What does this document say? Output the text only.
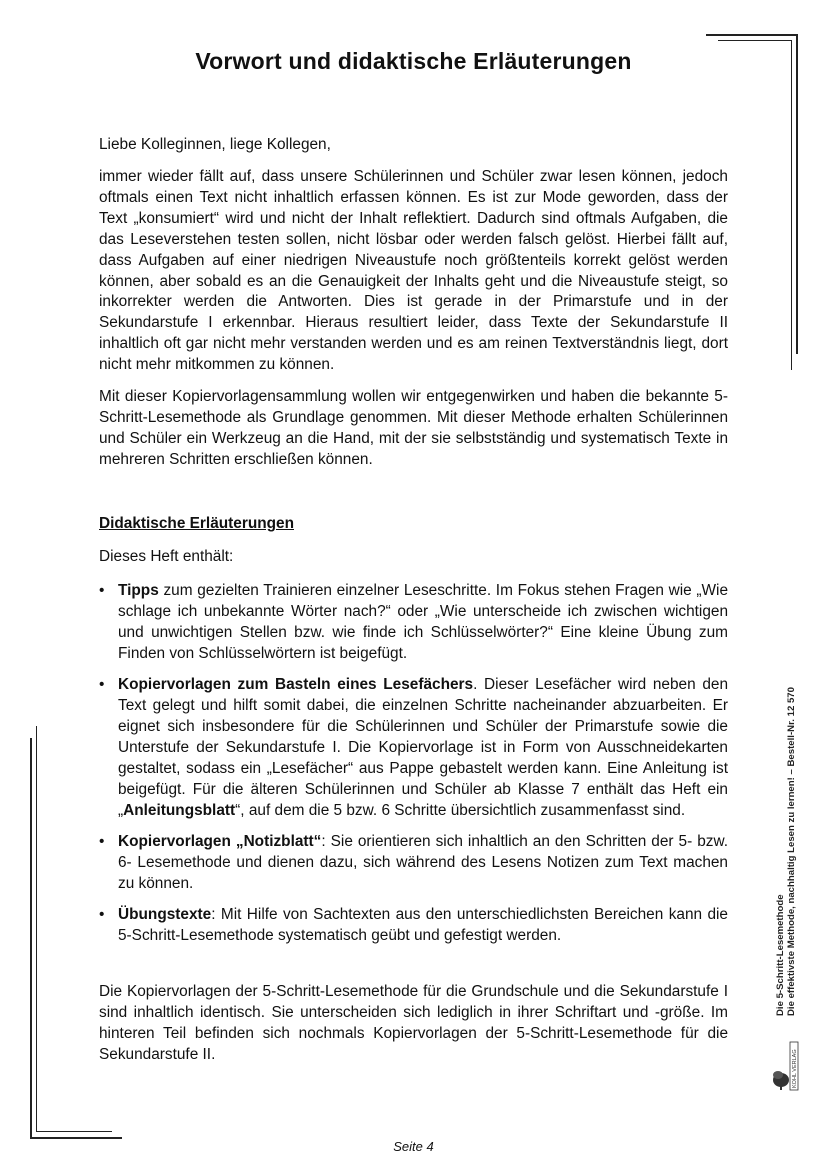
Vorwort und didaktische Erläuterungen

Liebe Kolleginnen, liege Kollegen,

immer wieder fällt auf, dass unsere Schülerinnen und Schüler zwar lesen können, jedoch oftmals einen Text nicht inhaltlich erfassen können. Es ist zur Mode geworden, dass der Text „konsumiert“ wird und nicht der Inhalt reflektiert. Dadurch sind oftmals Aufgaben, die das Leseverstehen testen sollen, nicht lösbar oder werden falsch gelöst. Hierbei fällt auf, dass Aufgaben auf einer niedrigen Niveaustufe noch größtenteils korrekt gelöst werden können, aber sobald es an die Genauigkeit der Inhalts geht und die Niveaustufe steigt, so inkorrekter werden die Antworten. Dies ist gerade in der Primarstufe und in der Sekundarstufe I erkennbar. Hieraus resultiert leider, dass Texte der Sekundarstufe II inhaltlich oft gar nicht mehr verstanden werden und es am reinen Textverständnis liegt, dort nicht mehr mitkommen zu können.

Mit dieser Kopiervorlagensammlung wollen wir entgegenwirken und haben die bekannte 5-Schritt-Lesemethode als Grundlage genommen. Mit dieser Methode erhalten Schülerinnen und Schüler ein Werkzeug an die Hand, mit der sie selbstständig und systematisch Texte in mehreren Schritten erschließen können.

Didaktische Erläuterungen
Dieses Heft enthält:
• Tipps zum gezielten Trainieren einzelner Leseschritte. Im Fokus stehen Fragen wie „Wie schlage ich unbekannte Wörter nach?“ oder „Wie unterscheide ich zwischen wichtigen und unwichtigen Stellen bzw. wie finde ich Schlüsselwörter?“ Eine kleine Übung zum Finden von Schlüsselwörtern ist beigefügt.
• Kopiervorlagen zum Basteln eines Lesefächers. Dieser Lesefächer wird neben den Text gelegt und hilft somit dabei, die einzelnen Schritte nacheinander abzuarbeiten. Er eignet sich insbesondere für die Schülerinnen und Schüler der Primarstufe sowie die Unterstufe der Sekundarstufe I. Die Kopiervorlage ist in Form von Ausschneidekarten gestaltet, sodass ein „Lesefächer“ aus Pappe gebastelt werden kann. Eine Anleitung ist beigefügt. Für die älteren Schülerinnen und Schüler ab Klasse 7 enthält das Heft ein „Anleitungsblatt“, auf dem die 5 bzw. 6 Schritte übersichtlich zusammenfasst sind.
• Kopiervorlagen „Notizblatt“: Sie orientieren sich inhaltlich an den Schritten der 5- bzw. 6- Lesemethode und dienen dazu, sich während des Lesens Notizen zum Text machen zu können.
• Übungstexte: Mit Hilfe von Sachtexten aus den unterschiedlichsten Bereichen kann die 5-Schritt-Lesemethode systematisch geübt und gefestigt werden.
Die Kopiervorlagen der 5-Schritt-Lesemethode für die Grundschule und die Sekundarstufe I sind inhaltlich identisch. Sie unterscheiden sich lediglich in ihrer Schriftart und -größe. Im hinteren Teil befinden sich nochmals Kopiervorlagen der 5-Schritt-Lesemethode für die Sekundarstufe II.
Die 5-Schritt-Lesemethode Die effektivste Methode, nachhaltig Lesen zu lernen! – Bestell-Nr. 12 570
KOHL VERLAG
Seite 4
